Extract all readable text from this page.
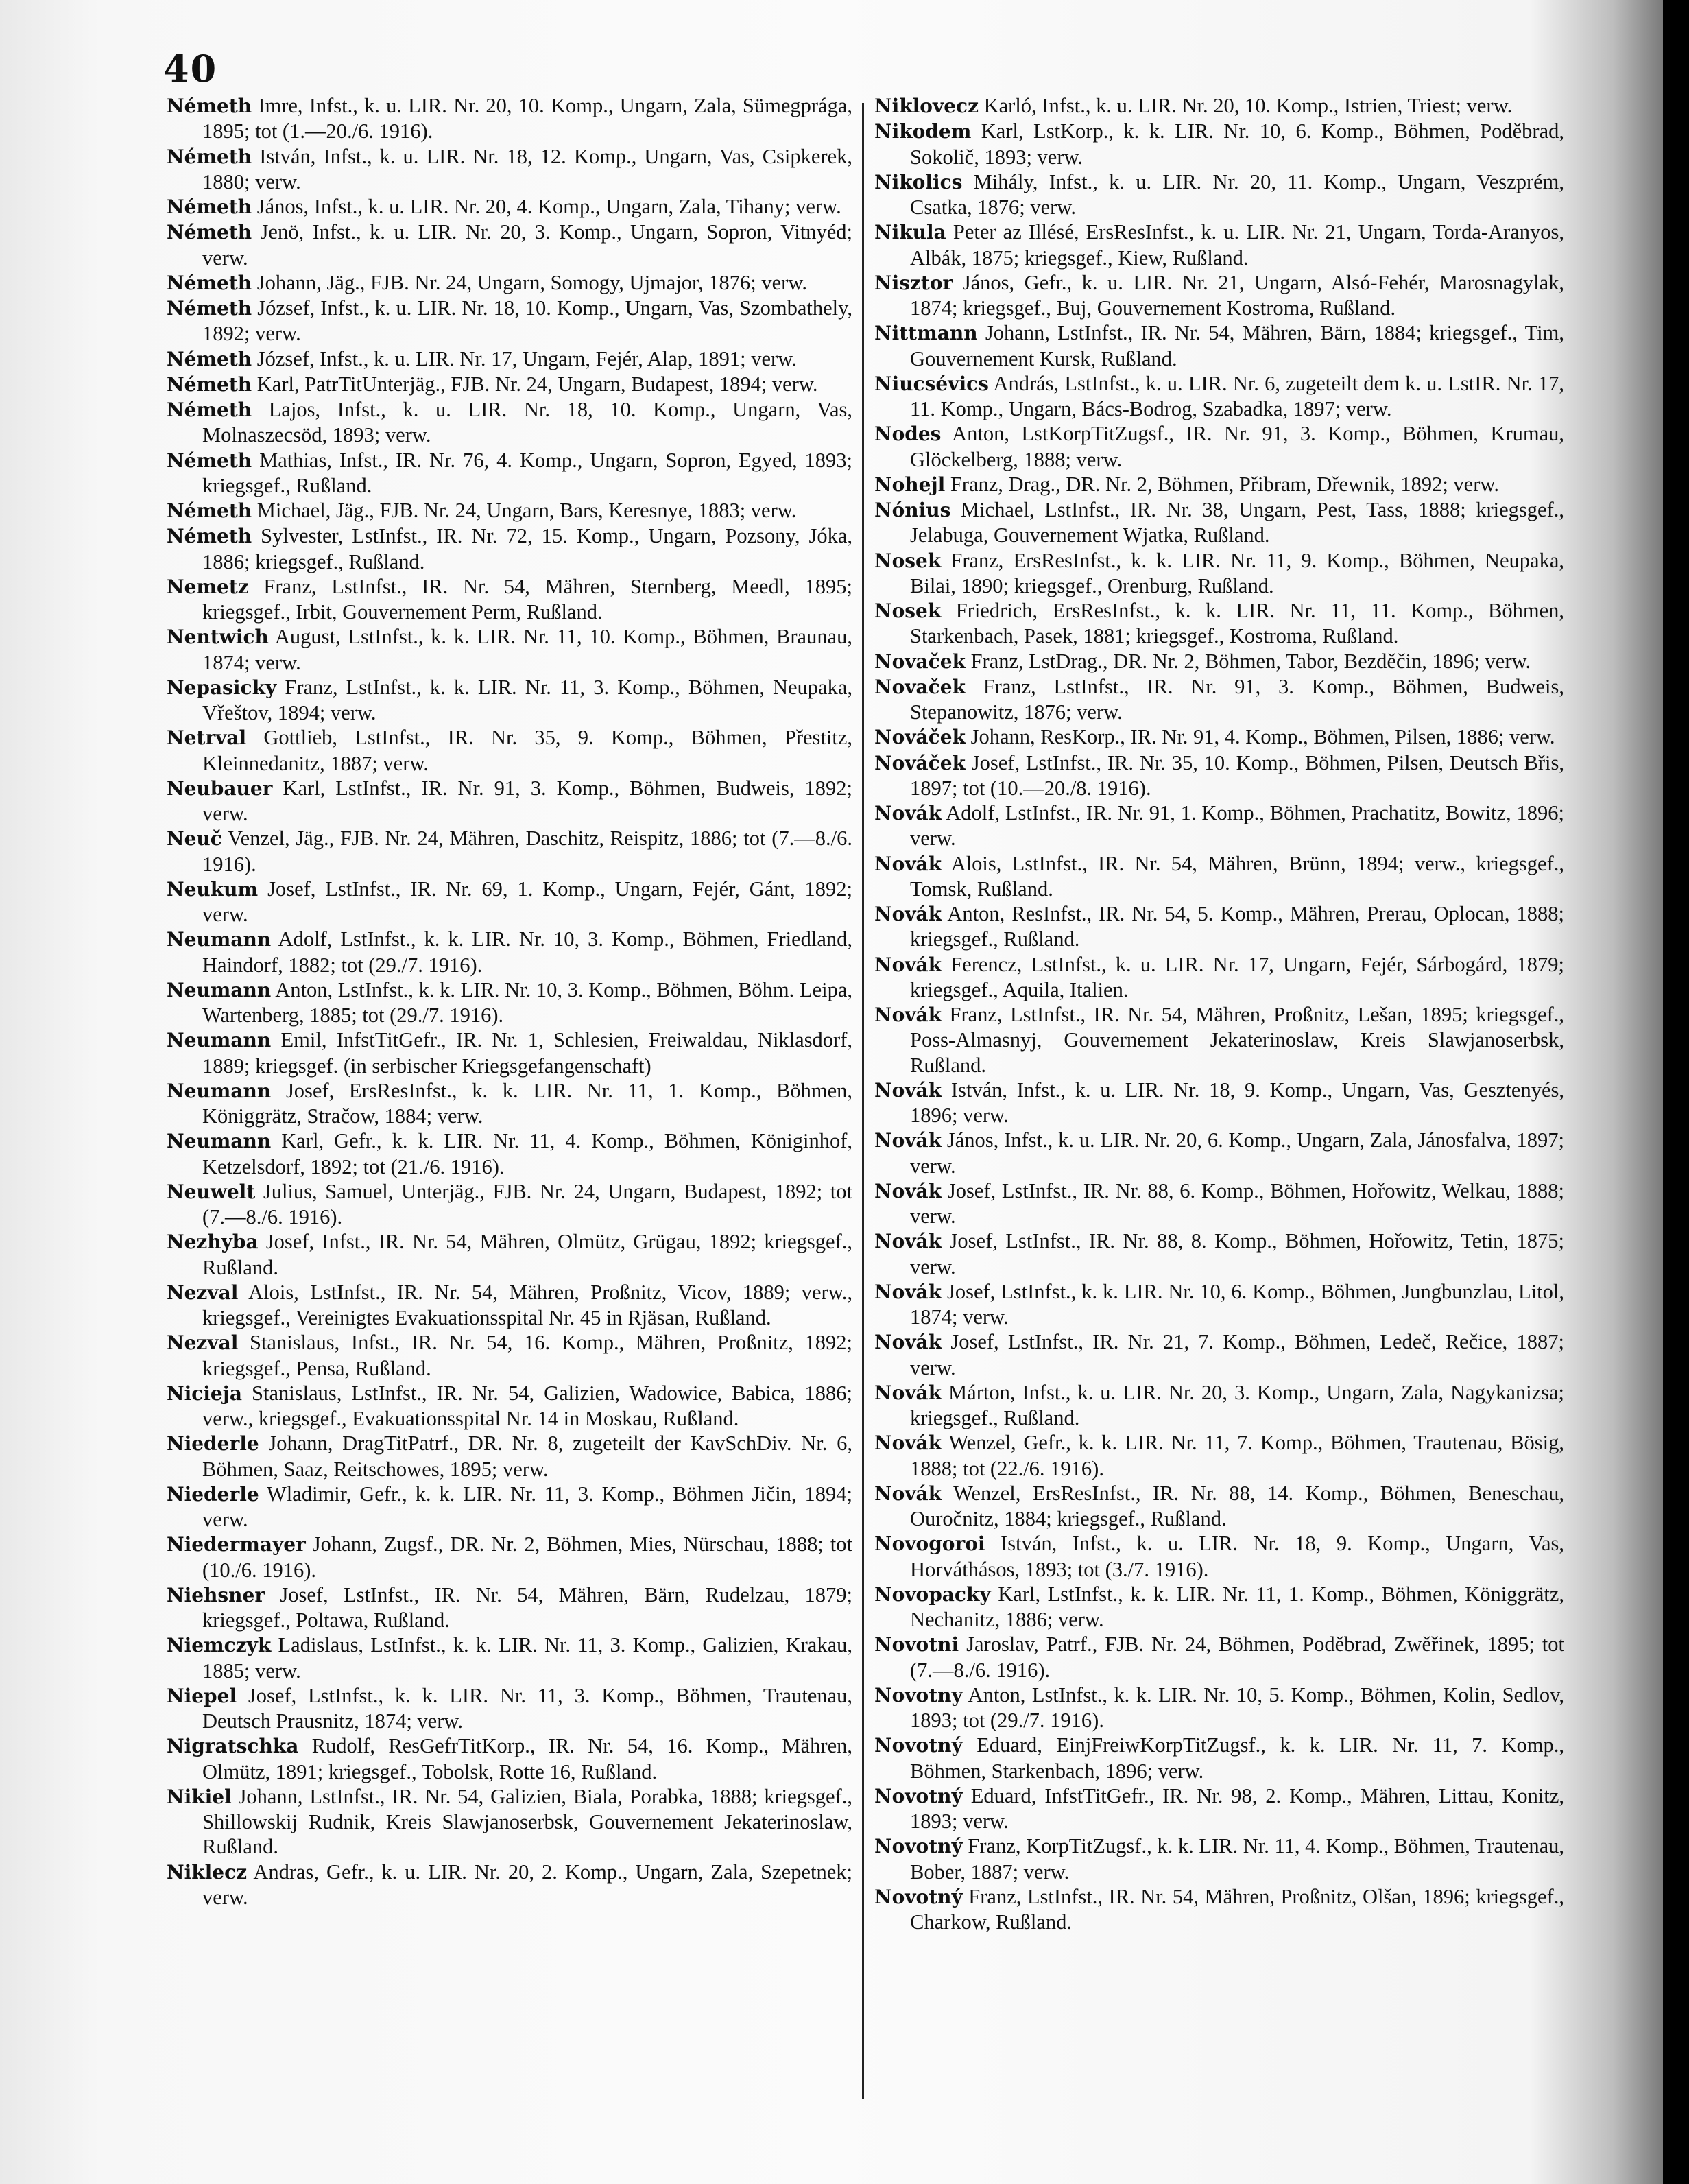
40

Németh Imre, Infst., k. u. LIR. Nr. 20, 10. Komp., Ungarn, Zala, Sümegprága, 1895; tot (1.—20./6. 1916).

Németh István, Infst., k. u. LIR. Nr. 18, 12. Komp., Ungarn, Vas, Csipkerek, 1880; verw.

Németh János, Infst., k. u. LIR. Nr. 20, 4. Komp., Ungarn, Zala, Tihany; verw.

Németh Jenö, Infst., k. u. LIR. Nr. 20, 3. Komp., Ungarn, Sopron, Vitnyéd; verw.

Németh Johann, Jäg., FJB. Nr. 24, Ungarn, Somogy, Ujmajor, 1876; verw.

Németh József, Infst., k. u. LIR. Nr. 18, 10. Komp., Ungarn, Vas, Szombathely, 1892; verw.

Németh József, Infst., k. u. LIR. Nr. 17, Ungarn, Fejér, Alap, 1891; verw.

Németh Karl, PatrTitUnterjäg., FJB. Nr. 24, Ungarn, Budapest, 1894; verw.

Németh Lajos, Infst., k. u. LIR. Nr. 18, 10. Komp., Ungarn, Vas, Molnaszecsöd, 1893; verw.

Németh Mathias, Infst., IR. Nr. 76, 4. Komp., Ungarn, Sopron, Egyed, 1893; kriegsgef., Rußland.

Németh Michael, Jäg., FJB. Nr. 24, Ungarn, Bars, Keresnye, 1883; verw.

Németh Sylvester, LstInfst., IR. Nr. 72, 15. Komp., Ungarn, Pozsony, Jóka, 1886; kriegsgef., Rußland.

Nemetz Franz, LstInfst., IR. Nr. 54, Mähren, Sternberg, Meedl, 1895; kriegsgef., Irbit, Gouvernement Perm, Rußland.

Nentwich August, LstInfst., k. k. LIR. Nr. 11, 10. Komp., Böhmen, Braunau, 1874; verw.

Nepasicky Franz, LstInfst., k. k. LIR. Nr. 11, 3. Komp., Böhmen, Neupaka, Vřeštov, 1894; verw.

Netrval Gottlieb, LstInfst., IR. Nr. 35, 9. Komp., Böhmen, Přestitz, Kleinnedanitz, 1887; verw.

Neubauer Karl, LstInfst., IR. Nr. 91, 3. Komp., Böhmen, Budweis, 1892; verw.

Neuč Venzel, Jäg., FJB. Nr. 24, Mähren, Daschitz, Reispitz, 1886; tot (7.—8./6. 1916).

Neukum Josef, LstInfst., IR. Nr. 69, 1. Komp., Ungarn, Fejér, Gánt, 1892; verw.

Neumann Adolf, LstInfst., k. k. LIR. Nr. 10, 3. Komp., Böhmen, Friedland, Haindorf, 1882; tot (29./7. 1916).

Neumann Anton, LstInfst., k. k. LIR. Nr. 10, 3. Komp., Böhmen, Böhm. Leipa, Wartenberg, 1885; tot (29./7. 1916).

Neumann Emil, InfstTitGefr., IR. Nr. 1, Schlesien, Freiwaldau, Niklasdorf, 1889; kriegsgef. (in serbischer Kriegsgefangenschaft)

Neumann Josef, ErsResInfst., k. k. LIR. Nr. 11, 1. Komp., Böhmen, Königgrätz, Stračow, 1884; verw.

Neumann Karl, Gefr., k. k. LIR. Nr. 11, 4. Komp., Böhmen, Königinhof, Ketzelsdorf, 1892; tot (21./6. 1916).

Neuwelt Julius, Samuel, Unterjäg., FJB. Nr. 24, Ungarn, Budapest, 1892; tot (7.—8./6. 1916).

Nezhyba Josef, Infst., IR. Nr. 54, Mähren, Olmütz, Grügau, 1892; kriegsgef., Rußland.

Nezval Alois, LstInfst., IR. Nr. 54, Mähren, Proßnitz, Vicov, 1889; verw., kriegsgef., Vereinigtes Evakuationsspital Nr. 45 in Rjäsan, Rußland.

Nezval Stanislaus, Infst., IR. Nr. 54, 16. Komp., Mähren, Proßnitz, 1892; kriegsgef., Pensa, Rußland.

Nicieja Stanislaus, LstInfst., IR. Nr. 54, Galizien, Wadowice, Babica, 1886; verw., kriegsgef., Evakuationsspital Nr. 14 in Moskau, Rußland.

Niederle Johann, DragTitPatrf., DR. Nr. 8, zugeteilt der KavSchDiv. Nr. 6, Böhmen, Saaz, Reitschowes, 1895; verw.

Niederle Wladimir, Gefr., k. k. LIR. Nr. 11, 3. Komp., Böhmen Jičin, 1894; verw.

Niedermayer Johann, Zugsf., DR. Nr. 2, Böhmen, Mies, Nürschau, 1888; tot (10./6. 1916).

Niehsner Josef, LstInfst., IR. Nr. 54, Mähren, Bärn, Rudelzau, 1879; kriegsgef., Poltawa, Rußland.

Niemczyk Ladislaus, LstInfst., k. k. LIR. Nr. 11, 3. Komp., Galizien, Krakau, 1885; verw.

Niepel Josef, LstInfst., k. k. LIR. Nr. 11, 3. Komp., Böhmen, Trautenau, Deutsch Prausnitz, 1874; verw.

Nigratschka Rudolf, ResGefrTitKorp., IR. Nr. 54, 16. Komp., Mähren, Olmütz, 1891; kriegsgef., Tobolsk, Rotte 16, Rußland.

Nikiel Johann, LstInfst., IR. Nr. 54, Galizien, Biala, Porabka, 1888; kriegsgef., Shillowskij Rudnik, Kreis Slawjanoserbsk, Gouvernement Jekaterinoslaw, Rußland.

Niklecz Andras, Gefr., k. u. LIR. Nr. 20, 2. Komp., Ungarn, Zala, Szepetnek; verw.

Niklovecz Karló, Infst., k. u. LIR. Nr. 20, 10. Komp., Istrien, Triest; verw.

Nikodem Karl, LstKorp., k. k. LIR. Nr. 10, 6. Komp., Böhmen, Poděbrad, Sokolič, 1893; verw.

Nikolics Mihály, Infst., k. u. LIR. Nr. 20, 11. Komp., Ungarn, Veszprém, Csatka, 1876; verw.

Nikula Peter az Illésé, ErsResInfst., k. u. LIR. Nr. 21, Ungarn, Torda-Aranyos, Albák, 1875; kriegsgef., Kiew, Rußland.

Nisztor János, Gefr., k. u. LIR. Nr. 21, Ungarn, Alsó-Fehér, Marosnagylak, 1874; kriegsgef., Buj, Gouvernement Kostroma, Rußland.

Nittmann Johann, LstInfst., IR. Nr. 54, Mähren, Bärn, 1884; kriegsgef., Tim, Gouvernement Kursk, Rußland.

Niucsévics András, LstInfst., k. u. LIR. Nr. 6, zugeteilt dem k. u. LstIR. Nr. 17, 11. Komp., Ungarn, Bács-Bodrog, Szabadka, 1897; verw.

Nodes Anton, LstKorpTitZugsf., IR. Nr. 91, 3. Komp., Böhmen, Krumau, Glöckelberg, 1888; verw.

Nohejl Franz, Drag., DR. Nr. 2, Böhmen, Přibram, Dřewnik, 1892; verw.

Nónius Michael, LstInfst., IR. Nr. 38, Ungarn, Pest, Tass, 1888; kriegsgef., Jelabuga, Gouvernement Wjatka, Rußland.

Nosek Franz, ErsResInfst., k. k. LIR. Nr. 11, 9. Komp., Böhmen, Neupaka, Bilai, 1890; kriegsgef., Orenburg, Rußland.

Nosek Friedrich, ErsResInfst., k. k. LIR. Nr. 11, 11. Komp., Böhmen, Starkenbach, Pasek, 1881; kriegsgef., Kostroma, Rußland.

Novaček Franz, LstDrag., DR. Nr. 2, Böhmen, Tabor, Bezděčin, 1896; verw.

Novaček Franz, LstInfst., IR. Nr. 91, 3. Komp., Böhmen, Budweis, Stepanowitz, 1876; verw.

Nováček Johann, ResKorp., IR. Nr. 91, 4. Komp., Böhmen, Pilsen, 1886; verw.

Nováček Josef, LstInfst., IR. Nr. 35, 10. Komp., Böhmen, Pilsen, Deutsch Břis, 1897; tot (10.—20./8. 1916).

Novák Adolf, LstInfst., IR. Nr. 91, 1. Komp., Böhmen, Prachatitz, Bowitz, 1896; verw.

Novák Alois, LstInfst., IR. Nr. 54, Mähren, Brünn, 1894; verw., kriegsgef., Tomsk, Rußland.

Novák Anton, ResInfst., IR. Nr. 54, 5. Komp., Mähren, Prerau, Oplocan, 1888; kriegsgef., Rußland.

Novák Ferencz, LstInfst., k. u. LIR. Nr. 17, Ungarn, Fejér, Sárbogárd, 1879; kriegsgef., Aquila, Italien.

Novák Franz, LstInfst., IR. Nr. 54, Mähren, Proßnitz, Lešan, 1895; kriegsgef., Poss-Almasnyj, Gouvernement Jekaterinoslaw, Kreis Slawjanoserbsk, Rußland.

Novák István, Infst., k. u. LIR. Nr. 18, 9. Komp., Ungarn, Vas, Gesztenyés, 1896; verw.

Novák János, Infst., k. u. LIR. Nr. 20, 6. Komp., Ungarn, Zala, Jánosfalva, 1897; verw.

Novák Josef, LstInfst., IR. Nr. 88, 6. Komp., Böhmen, Hořowitz, Welkau, 1888; verw.

Novák Josef, LstInfst., IR. Nr. 88, 8. Komp., Böhmen, Hořowitz, Tetin, 1875; verw.

Novák Josef, LstInfst., k. k. LIR. Nr. 10, 6. Komp., Böhmen, Jungbunzlau, Litol, 1874; verw.

Novák Josef, LstInfst., IR. Nr. 21, 7. Komp., Böhmen, Ledeč, Rečice, 1887; verw.

Novák Márton, Infst., k. u. LIR. Nr. 20, 3. Komp., Ungarn, Zala, Nagykanizsa; kriegsgef., Rußland.

Novák Wenzel, Gefr., k. k. LIR. Nr. 11, 7. Komp., Böhmen, Trautenau, Bösig, 1888; tot (22./6. 1916).

Novák Wenzel, ErsResInfst., IR. Nr. 88, 14. Komp., Böhmen, Beneschau, Ouročnitz, 1884; kriegsgef., Rußland.

Novogoroi István, Infst., k. u. LIR. Nr. 18, 9. Komp., Ungarn, Vas, Horváthásos, 1893; tot (3./7. 1916).

Novopacky Karl, LstInfst., k. k. LIR. Nr. 11, 1. Komp., Böhmen, Königgrätz, Nechanitz, 1886; verw.

Novotni Jaroslav, Patrf., FJB. Nr. 24, Böhmen, Poděbrad, Zwěřinek, 1895; tot (7.—8./6. 1916).

Novotny Anton, LstInfst., k. k. LIR. Nr. 10, 5. Komp., Böhmen, Kolin, Sedlov, 1893; tot (29./7. 1916).

Novotný Eduard, EinjFreiwKorpTitZugsf., k. k. LIR. Nr. 11, 7. Komp., Böhmen, Starkenbach, 1896; verw.

Novotný Eduard, InfstTitGefr., IR. Nr. 98, 2. Komp., Mähren, Littau, Konitz, 1893; verw.

Novotný Franz, KorpTitZugsf., k. k. LIR. Nr. 11, 4. Komp., Böhmen, Trautenau, Bober, 1887; verw.

Novotný Franz, LstInfst., IR. Nr. 54, Mähren, Proßnitz, Olšan, 1896; kriegsgef., Charkow, Rußland.
